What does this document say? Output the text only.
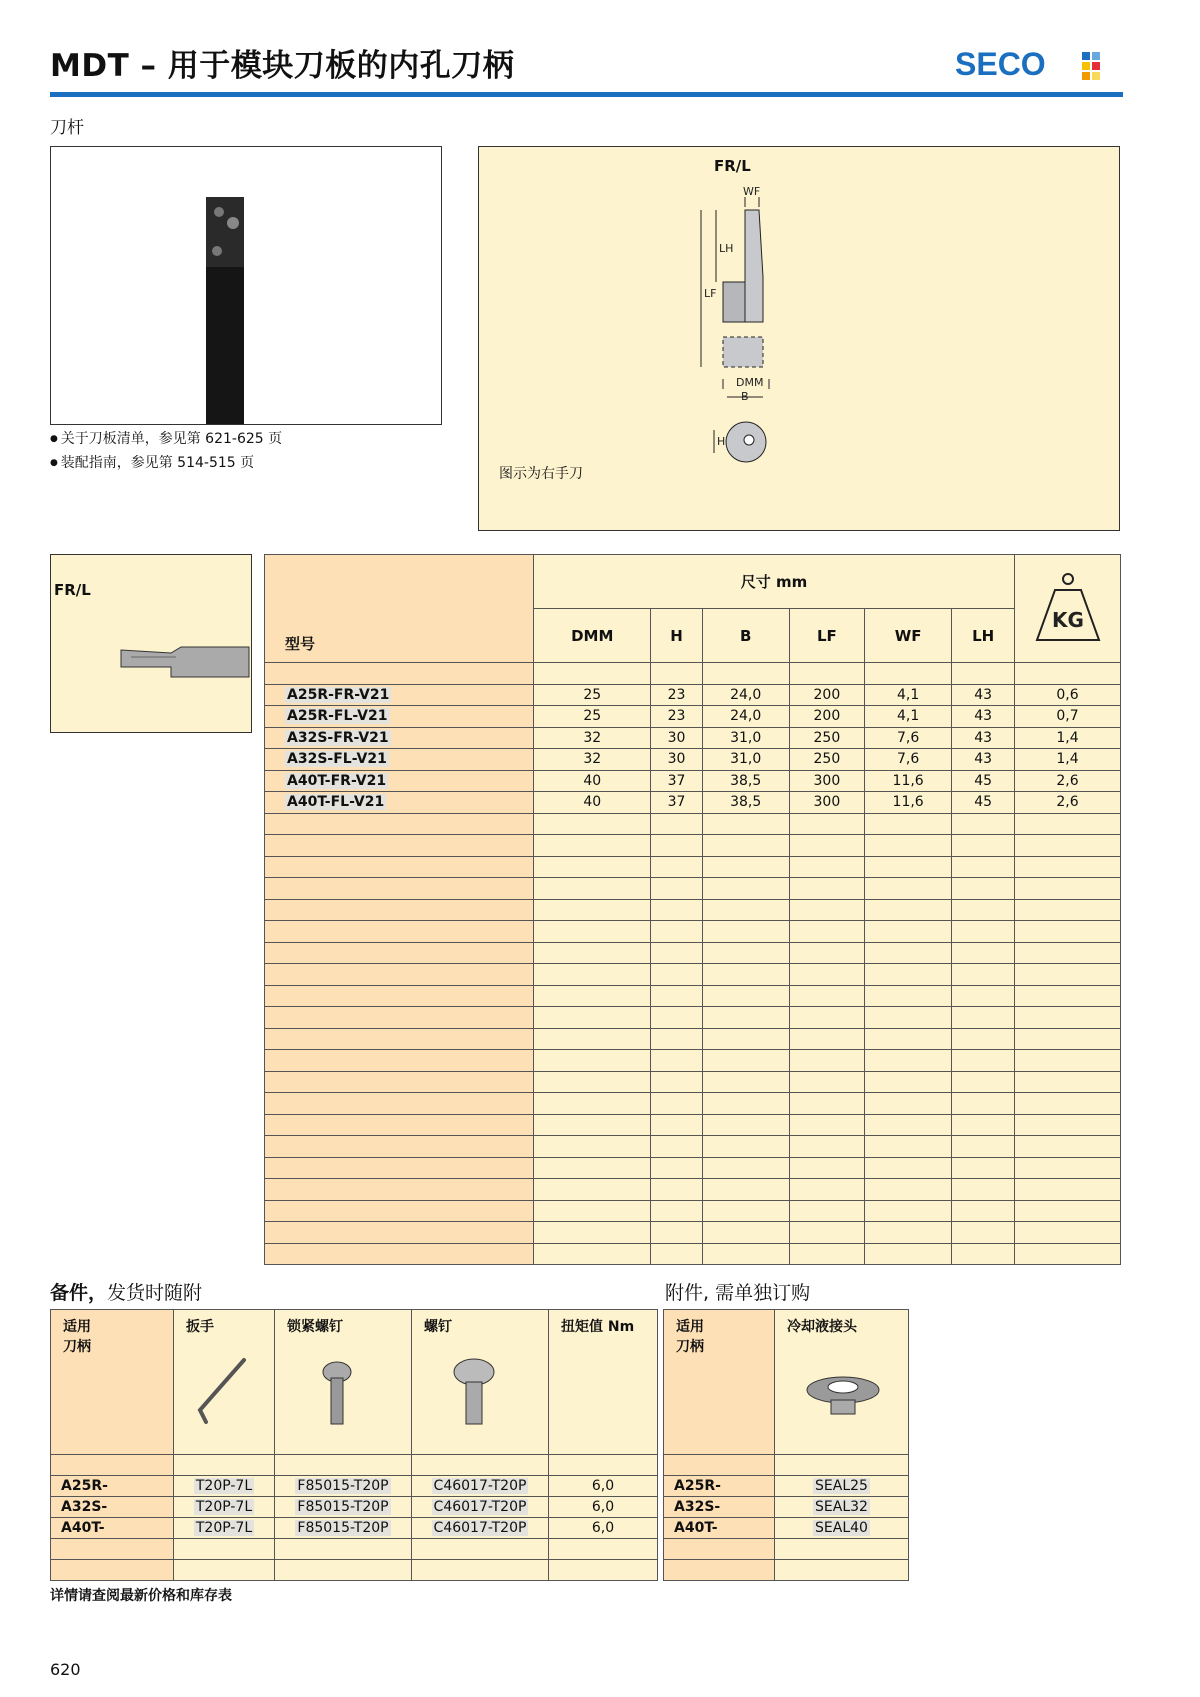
MDT – 用于模块刀板的内孔刀柄	SECO
刀杆
● 关于刀板清单，参见第 621-625 页
● 装配指南，参见第 514-515 页
FR/L
WF
LH
LF
DMM
B
H
图示为右手刀
FR/L
型号	尺寸 mm						KG

	DMM	H	B	LF	WF	LH	

A25R-FR-V21	25	23	24,0	200	4,1	43	0,6
A25R-FL-V21	25	23	24,0	200	4,1	43	0,7
A32S-FR-V21	32	30	31,0	250	7,6	43	1,4
A32S-FL-V21	32	30	31,0	250	7,6	43	1,4
A40T-FR-V21	40	37	38,5	300	11,6	45	2,6
A40T-FL-V21	40	37	38,5	300	11,6	45	2,6

备件，发货时随附	附件, 需单独订购
适用刀柄	扳手	锁紧螺钉	螺钉	扭矩值 Nm

A25R-	T20P-7L	F85015-T20P	C46017-T20P	6,0
A32S-	T20P-7L	F85015-T20P	C46017-T20P	6,0
A40T-	T20P-7L	F85015-T20P	C46017-T20P	6,0

适用刀柄	冷却液接头

A25R-	SEAL25
A32S-	SEAL32
A40T-	SEAL40

详情请查阅最新价格和库存表
620
